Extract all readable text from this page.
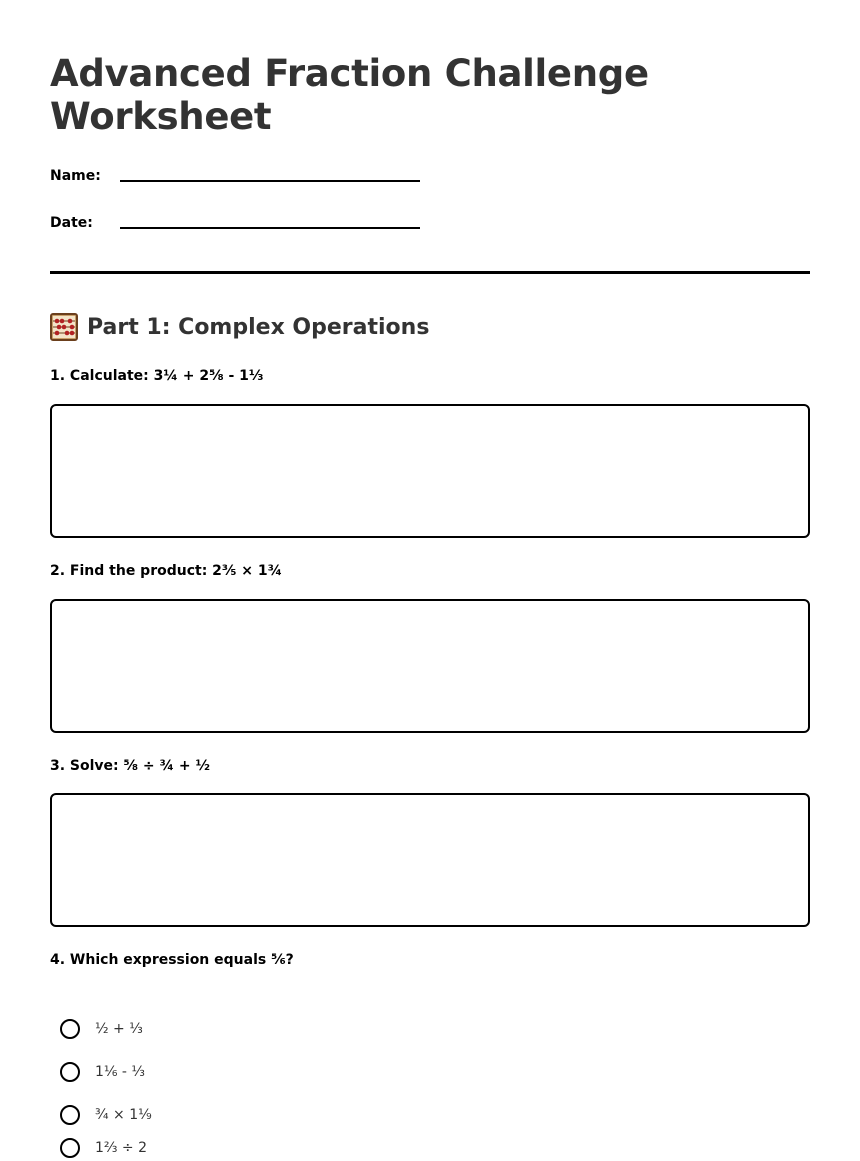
Advanced Fraction Challenge Worksheet
Name:
Date:
Part 1: Complex Operations
1. Calculate: 3¼ + 2⅝ - 1⅓
2. Find the product: 2⅗ × 1¾
3. Solve: ⅝ ÷ ¾ + ½
4. Which expression equals ⅚?
½ + ⅓
1⅙ - ⅓
¾ × 1⅑
1⅔ ÷ 2
